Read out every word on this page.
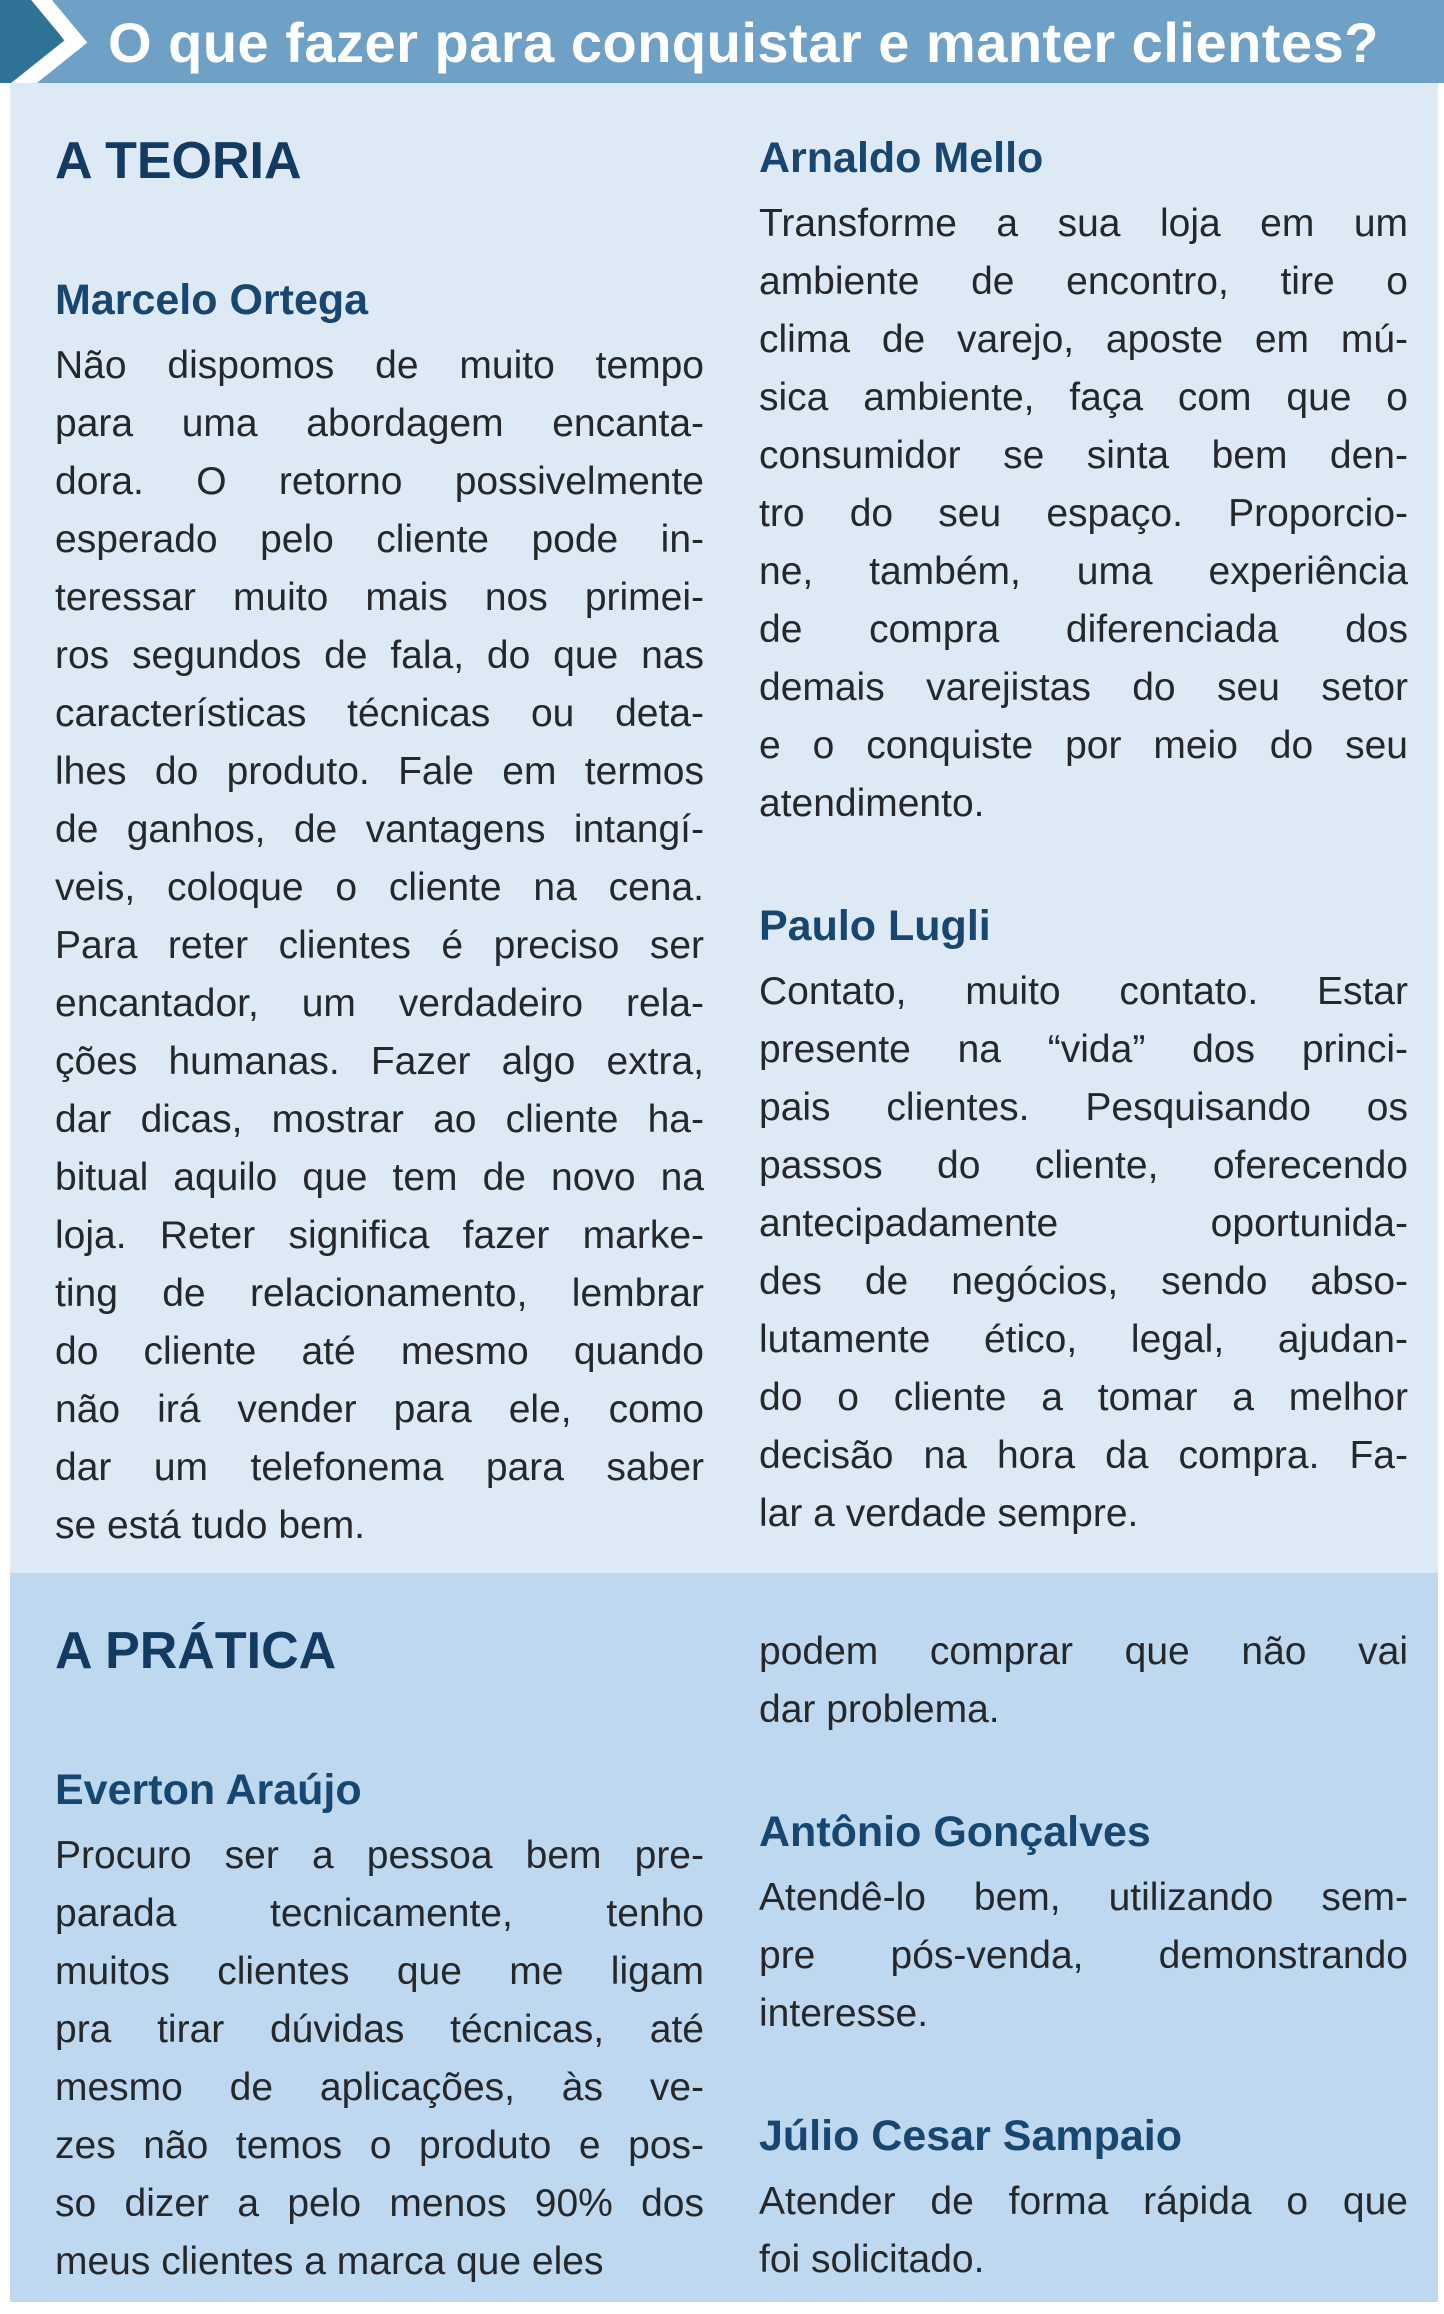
O que fazer para conquistar e manter clientes?
A TEORIA
Marcelo Ortega
Não dispomos de muito tempo
para uma abordagem encanta-
dora. O retorno possivelmente
esperado pelo cliente pode in-
teressar muito mais nos primei-
ros segundos de fala, do que nas
características técnicas ou deta-
lhes do produto. Fale em termos
de ganhos, de vantagens intangí-
veis, coloque o cliente na cena.
Para reter clientes é preciso ser
encantador, um verdadeiro rela-
ções humanas. Fazer algo extra,
dar dicas, mostrar ao cliente ha-
bitual aquilo que tem de novo na
loja. Reter significa fazer marke-
ting de relacionamento, lembrar
do cliente até mesmo quando
não irá vender para ele, como
dar um telefonema para saber
se está tudo bem.
Arnaldo Mello
Transforme a sua loja em um
ambiente de encontro, tire o
clima de varejo, aposte em mú-
sica ambiente, faça com que o
consumidor se sinta bem den-
tro do seu espaço. Proporcio-
ne, também, uma experiência
de compra diferenciada dos
demais varejistas do seu setor
e o conquiste por meio do seu
atendimento.
Paulo Lugli
Contato, muito contato. Estar
presente na “vida” dos princi-
pais clientes. Pesquisando os
passos do cliente, oferecendo
antecipadamente oportunida-
des de negócios, sendo abso-
lutamente ético, legal, ajudan-
do o cliente a tomar a melhor
decisão na hora da compra. Fa-
lar a verdade sempre.
A PRÁTICA
Everton Araújo
Procuro ser a pessoa bem pre-
parada tecnicamente, tenho
muitos clientes que me ligam
pra tirar dúvidas técnicas, até
mesmo de aplicações, às ve-
zes não temos o produto e pos-
so dizer a pelo menos 90% dos
meus clientes a marca que eles
podem comprar que não vai
dar problema.
Antônio Gonçalves
Atendê-lo bem, utilizando sem-
pre pós-venda, demonstrando
interesse.
Júlio Cesar Sampaio
Atender de forma rápida o que
foi solicitado.
